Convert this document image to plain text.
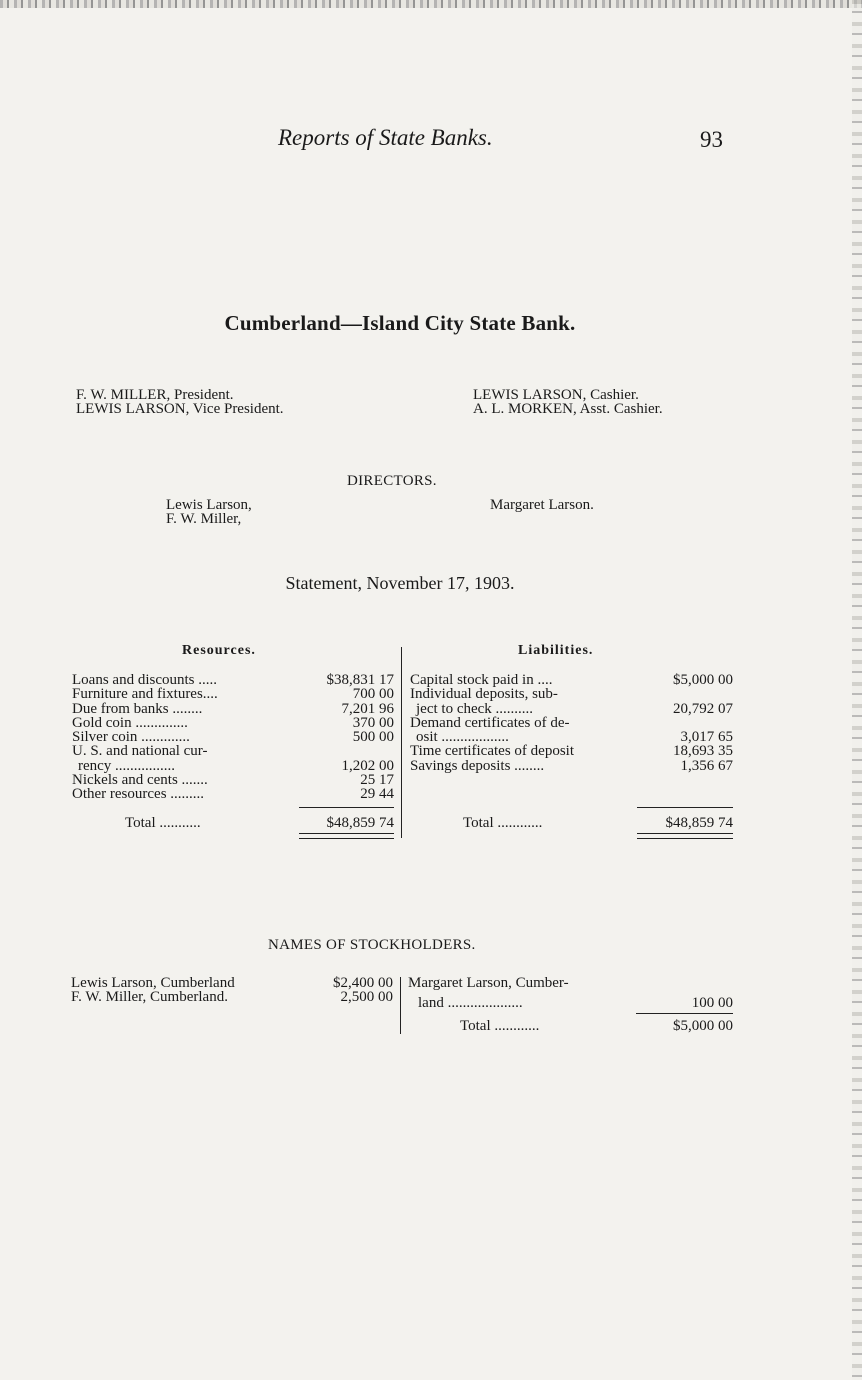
Reports of State Banks.	93
Cumberland—Island City State Bank.
F. W. MILLER, President.
LEWIS LARSON, Vice President.
LEWIS LARSON, Cashier.
A. L. MORKEN, Asst. Cashier.
DIRECTORS.
Lewis Larson,
F. W. Miller,
Margaret Larson.
Statement, November 17, 1903.
Resources.	Liabilities.
Loans and discounts .....	$38,831 17
Furniture and fixtures....	700 00
Due from banks ........	7,201 96
Gold coin ..............	370 00
Silver coin .............	500 00
U. S. and national cur-
rency ................	1,202 00
Nickels and cents .......	25 17
Other resources .........	29 44
Total ...........	$48,859 74
Capital stock paid in ....	$5,000 00
Individual deposits, sub-
ject to check ..........	20,792 07
Demand certificates of de-
osit ..................	3,017 65
Time certificates of deposit	18,693 35
Savings deposits ........	1,356 67
Total ............	$48,859 74
NAMES OF STOCKHOLDERS.
Lewis Larson, Cumberland	$2,400 00
F. W. Miller, Cumberland.	2,500 00
Margaret Larson, Cumber-
land ....................	100 00
Total ............	$5,000 00
